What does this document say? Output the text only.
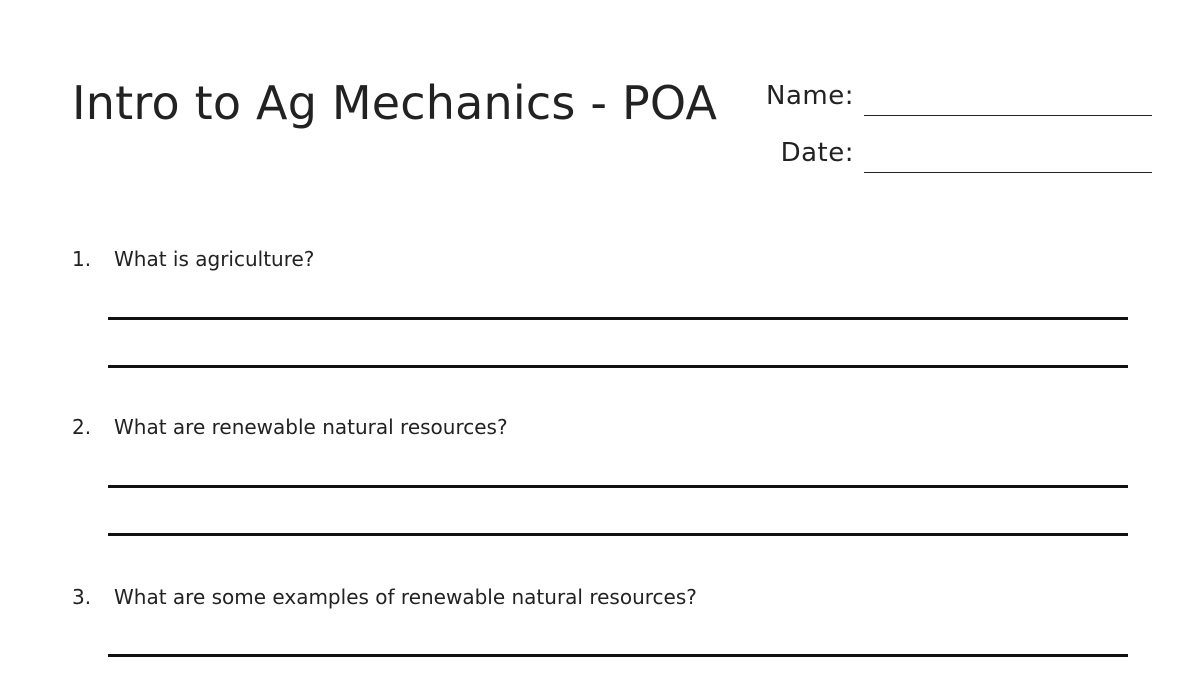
Intro to Ag Mechanics - POA Name:
Date:
1. What is agriculture?
2. What are renewable natural resources?
3. What are some examples of renewable natural resources?
